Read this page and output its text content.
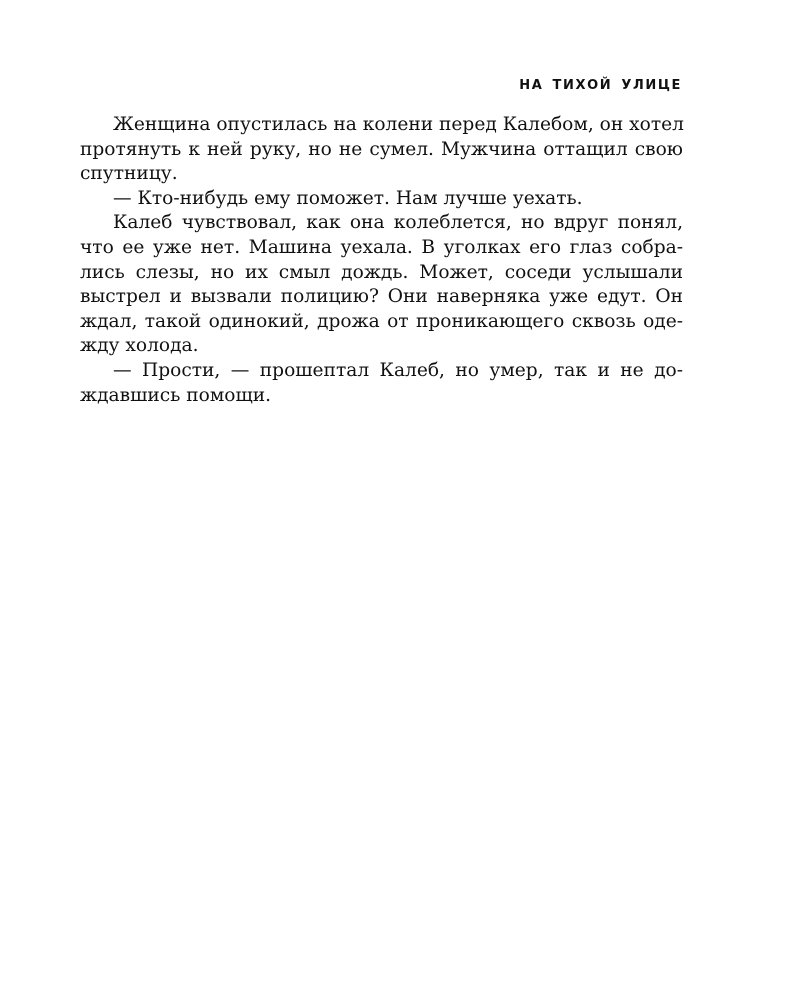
НА ТИХОЙ УЛИЦЕ
Женщина опустилась на колени перед Калебом, он хотел
протянуть к ней руку, но не сумел. Мужчина оттащил свою
спутницу.
— Кто-нибудь ему поможет. Нам лучше уехать.
Калеб чувствовал, как она колеблется, но вдруг понял,
что ее уже нет. Машина уехала. В уголках его глаз собра-
лись слезы, но их смыл дождь. Может, соседи услышали
выстрел и вызвали полицию? Они наверняка уже едут. Он
ждал, такой одинокий, дрожа от проникающего сквозь оде-
жду холода.
— Прости, — прошептал Калеб, но умер, так и не до-
ждавшись помощи.
